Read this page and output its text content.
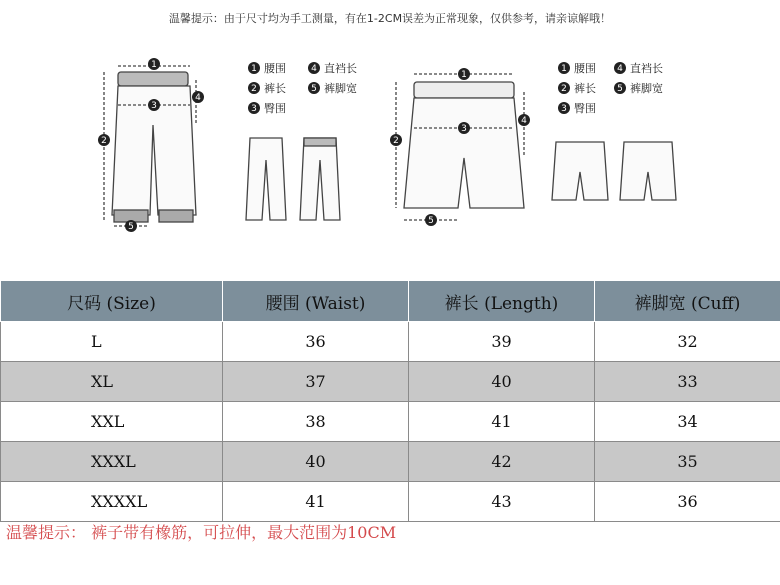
温馨提示：由于尺寸均为手工测量，有在1-2CM误差为正常现象，仅供参考，请亲谅解哦！
1
2
3
4
5
1
2
3
4
5
1
2
3
4
5
腰围
裤长
臀围
直裆长
裤脚宽
1
2
3
4
5
腰围
裤长
臀围
直裆长
裤脚宽
尺码 (Size)	腰围 (Waist)	裤长 (Length)	裤脚宽 (Cuff)
L	36	39	32
XL	37	40	33
XXL	38	41	34
XXXL	40	42	35
XXXXL	41	43	36
温馨提示： 裤子带有橡筋，可拉伸，最大范围为10CM
